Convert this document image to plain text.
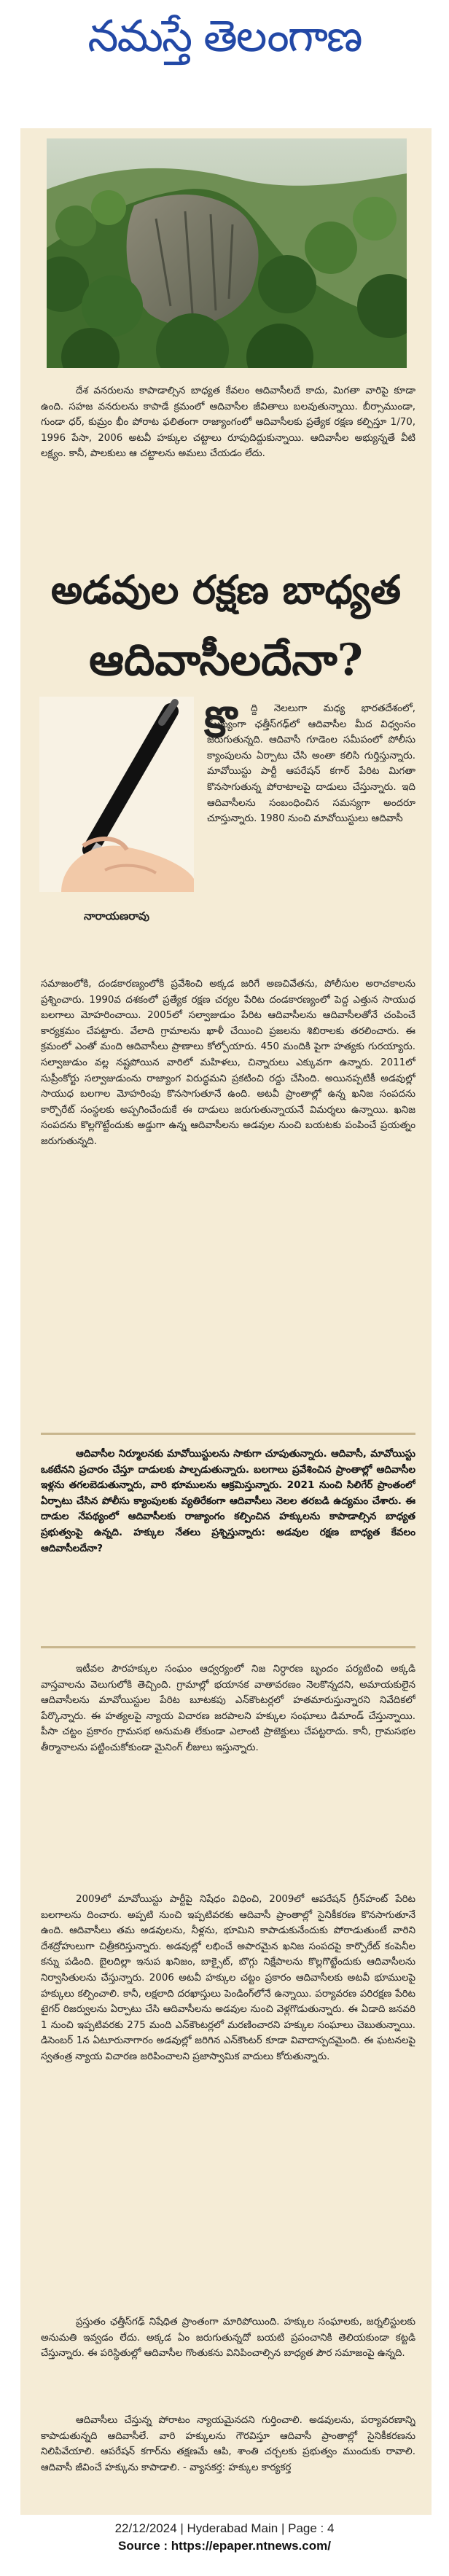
నమస్తే తెలంగాణ

దేశ వనరులను కాపాడాల్సిన బాధ్యత కేవలం ఆదివాసీలదే కాదు, మిగతా వారిపై కూడా ఉంది. సహజ వనరులను కాపాడే క్రమంలో ఆదివాసీల జీవితాలు బలవుతున్నాయి. బీర్సాముండా, గుండా ధర్, కుమ్రం భీం పోరాట ఫలితంగా రాజ్యాంగంలో ఆదివాసీలకు ప్రత్యేక రక్షణ కల్పిస్తూ 1/70, 1996 పేసా, 2006 అటవీ హక్కుల చట్టాలు రూపుదిద్దుకున్నాయి. ఆదివాసీల అభ్యున్నతే వీటి లక్ష్యం. కానీ, పాలకులు ఆ చట్టాలను అమలు చేయడం లేదు.

అడవుల రక్షణ బాధ్యత
ఆదివాసీలదేనా?
నారాయణరావు
కొ	ద్ది నెలలుగా మధ్య భారతదేశంలో, ముఖ్యంగా ఛత్తీస్‌గఢ్‌లో ఆదివాసీల మీద విధ్వంసం జరుగుతున్నది. ఆదివాసీ గూడెంల సమీపంలో పోలీసు క్యాంపులను ఏర్పాటు చేసి అంతా కలిసి గుర్తిస్తున్నారు. మావోయిస్టు పార్టీ ఆపరేషన్ కగార్ పేరిట మిగతా కొనసాగుతున్న పోరాటాలపై దాడులు చేస్తున్నారు. ఇది ఆదివాసీలను సంబంధించిన సమస్యగా అందరూ చూస్తున్నారు. 1980 నుంచి మావోయిస్టులు ఆదివాసీ

సమాజంలోకి, దండకారణ్యంలోకి ప్రవేశించి అక్కడ జరిగే అణచివేతను, పోలీసుల అరాచకాలను ప్రశ్నించారు. 1990వ దశకంలో ప్రత్యేక రక్షణ చర్యల పేరిట దండకారణ్యంలో పెద్ద ఎత్తున సాయుధ బలగాలు మోహరించాయి. 2005లో సల్వాజుడుం పేరిట ఆదివాసీలను ఆదివాసీలతోనే చంపించే కార్యక్రమం చేపట్టారు. వేలాది గ్రామాలను ఖాళీ చేయించి ప్రజలను శిబిరాలకు తరలించారు. ఈ క్రమంలో ఎంతో మంది ఆదివాసీలు ప్రాణాలు కోల్పోయారు. 450 మందికి పైగా హత్యకు గురయ్యారు. సల్వాజుడుం వల్ల నష్టపోయిన వారిలో మహిళలు, చిన్నారులు ఎక్కువగా ఉన్నారు. 2011లో సుప్రీంకోర్టు సల్వాజుడుంను రాజ్యాంగ విరుద్ధమని ప్రకటించి రద్దు చేసింది. అయినప్పటికీ అడవుల్లో సాయుధ బలగాల మోహరింపు కొనసాగుతూనే ఉంది. అటవీ ప్రాంతాల్లో ఉన్న ఖనిజ సంపదను కార్పొరేట్ సంస్థలకు అప్పగించేందుకే ఈ దాడులు జరుగుతున్నాయనే విమర్శలు ఉన్నాయి. ఖనిజ సంపదను కొల్లగొట్టేందుకు అడ్డుగా ఉన్న ఆదివాసీలను అడవుల నుంచి బయటకు పంపించే ప్రయత్నం జరుగుతున్నది.

ఆదివాసీల నిర్మూలనకు మావోయిస్టులను సాకుగా చూపుతున్నారు. ఆదివాసీ, మావోయిస్టు ఒకటేనని ప్రచారం చేస్తూ దాడులకు పాల్పడుతున్నారు. బలగాలు ప్రవేశించిన ప్రాంతాల్లో ఆదివాసీల ఇళ్లను తగలబెడుతున్నారు, వారి భూములను ఆక్రమిస్తున్నారు. 2021 నుంచి సిలిగేర్ ప్రాంతంలో ఏర్పాటు చేసిన పోలీసు క్యాంపులకు వ్యతిరేకంగా ఆదివాసీలు నెలల తరబడి ఉద్యమం చేశారు. ఈ దాడుల నేపథ్యంలో ఆదివాసీలకు రాజ్యాంగం కల్పించిన హక్కులను కాపాడాల్సిన బాధ్యత ప్రభుత్వంపై ఉన్నది. హక్కుల నేతలు ప్రశ్నిస్తున్నారు: అడవుల రక్షణ బాధ్యత కేవలం ఆదివాసీలదేనా?

ఇటీవల పౌరహక్కుల సంఘం ఆధ్వర్యంలో నిజ నిర్ధారణ బృందం పర్యటించి అక్కడి వాస్తవాలను వెలుగులోకి తెచ్చింది. గ్రామాల్లో భయానక వాతావరణం నెలకొన్నదని, అమాయకులైన ఆదివాసీలను మావోయిస్టుల పేరిట బూటకపు ఎన్‌కౌంటర్లలో హతమారుస్తున్నారని నివేదికలో పేర్కొన్నారు. ఈ హత్యలపై న్యాయ విచారణ జరపాలని హక్కుల సంఘాలు డిమాండ్ చేస్తున్నాయి. పీసా చట్టం ప్రకారం గ్రామసభ అనుమతి లేకుండా ఎలాంటి ప్రాజెక్టులు చేపట్టరాదు. కానీ, గ్రామసభల తీర్మానాలను పట్టించుకోకుండా మైనింగ్ లీజులు ఇస్తున్నారు.

2009లో మావోయిస్టు పార్టీపై నిషేధం విధించి, 2009లో ఆపరేషన్ గ్రీన్‌హంట్ పేరిట బలగాలను దించారు. అప్పటి నుంచి ఇప్పటివరకు ఆదివాసీ ప్రాంతాల్లో సైనికీకరణ కొనసాగుతూనే ఉంది. ఆదివాసీలు తమ అడవులను, నీళ్లను, భూమిని కాపాడుకునేందుకు పోరాడుతుంటే వారిని దేశద్రోహులుగా చిత్రీకరిస్తున్నారు. అడవుల్లో లభించే అపారమైన ఖనిజ సంపదపై కార్పొరేట్ కంపెనీల కన్ను పడింది. బైలదిల్లా ఇనుప ఖనిజం, బాక్సైట్, బొగ్గు నిక్షేపాలను కొల్లగొట్టేందుకు ఆదివాసీలను నిర్వాసితులను చేస్తున్నారు. 2006 అటవీ హక్కుల చట్టం ప్రకారం ఆదివాసీలకు అటవీ భూములపై హక్కులు కల్పించాలి. కానీ, లక్షలాది దరఖాస్తులు పెండింగ్‌లోనే ఉన్నాయి. పర్యావరణ పరిరక్షణ పేరిట టైగర్ రిజర్వులను ఏర్పాటు చేసి ఆదివాసీలను అడవుల నుంచి వెళ్లగొడుతున్నారు. ఈ ఏడాది జనవరి 1 నుంచి ఇప్పటివరకు 275 మంది ఎన్‌కౌంటర్లలో మరణించారని హక్కుల సంఘాలు చెబుతున్నాయి. డిసెంబర్ 1న ఏటూరునాగారం అడవుల్లో జరిగిన ఎన్‌కౌంటర్ కూడా వివాదాస్పదమైంది. ఈ ఘటనలపై స్వతంత్ర న్యాయ విచారణ జరిపించాలని ప్రజాస్వామిక వాదులు కోరుతున్నారు.

ప్రస్తుతం ఛత్తీస్‌గఢ్ నిషేధిత ప్రాంతంగా మారిపోయింది. హక్కుల సంఘాలకు, జర్నలిస్టులకు అనుమతి ఇవ్వడం లేదు. అక్కడ ఏం జరుగుతున్నదో బయటి ప్రపంచానికి తెలియకుండా కట్టడి చేస్తున్నారు. ఈ పరిస్థితుల్లో ఆదివాసీల గొంతుకను వినిపించాల్సిన బాధ్యత పౌర సమాజంపై ఉన్నది.

ఆదివాసీలు చేస్తున్న పోరాటం న్యాయమైనదని గుర్తించాలి. అడవులను, పర్యావరణాన్ని కాపాడుతున్నది ఆదివాసీలే. వారి హక్కులను గౌరవిస్తూ ఆదివాసీ ప్రాంతాల్లో సైనికీకరణను నిలిపివేయాలి. ఆపరేషన్ కగార్‌ను తక్షణమే ఆపి, శాంతి చర్చలకు ప్రభుత్వం ముందుకు రావాలి. ఆదివాసీ జీవించే హక్కును కాపాడాలి. - వ్యాసకర్త: హక్కుల కార్యకర్త

22/12/2024 | Hyderabad Main | Page : 4
Source : https://epaper.ntnews.com/
